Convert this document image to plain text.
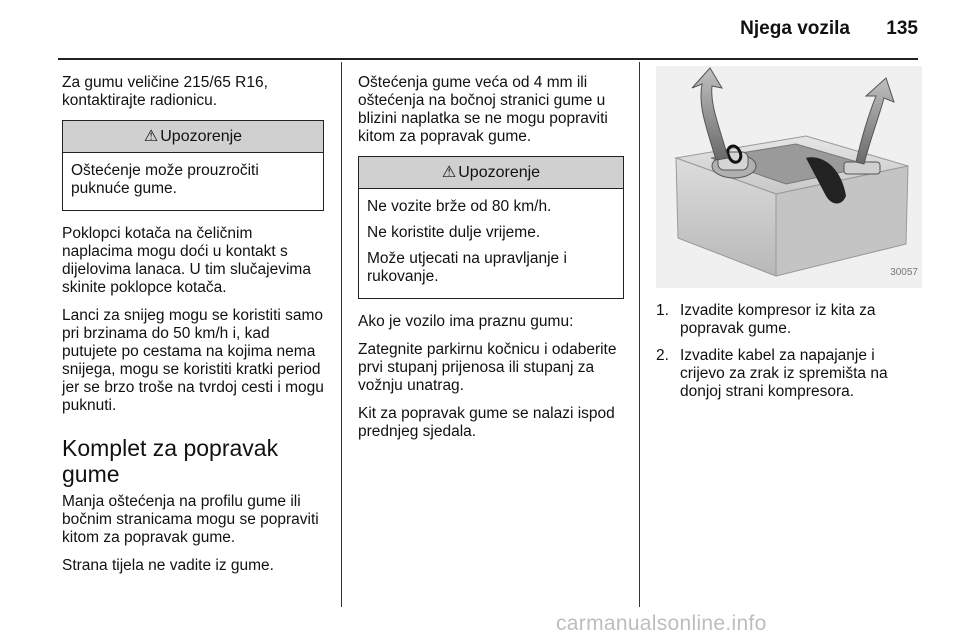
Njega vozila 135

Za gumu veličine 215/65 R16, kontaktirajte radionicu.

⚠ Upozorenje

Oštećenje može prouzročiti puknuće gume.

Poklopci kotača na čeličnim naplacima mogu doći u kontakt s dijelovima lanaca. U tim slučajevima skinite poklopce kotača.

Lanci za snijeg mogu se koristiti samo pri brzinama do 50 km/h i, kad putujete po cestama na kojima nema snijega, mogu se koristiti kratki period jer se brzo troše na tvrdoj cesti i mogu puknuti.

Komplet za popravak gume

Manja oštećenja na profilu gume ili bočnim stranicama mogu se popraviti kitom za popravak gume.

Strana tijela ne vadite iz gume.

Oštećenja gume veća od 4 mm ili oštećenja na bočnoj stranici gume u blizini naplatka se ne mogu popraviti kitom za popravak gume.

⚠ Upozorenje

Ne vozite brže od 80 km/h.

Ne koristite dulje vrijeme.

Može utjecati na upravljanje i rukovanje.

Ako je vozilo ima praznu gumu:

Zategnite parkirnu kočnicu i odaberite prvi stupanj prijenosa ili stupanj za vožnju unatrag.

Kit za popravak gume se nalazi ispod prednjeg sjedala.

30057
1. Izvadite kompresor iz kita za popravak gume.
2. Izvadite kabel za napajanje i crijevo za zrak iz spremišta na donjoj strani kompresora.
carmanualsonline.info
